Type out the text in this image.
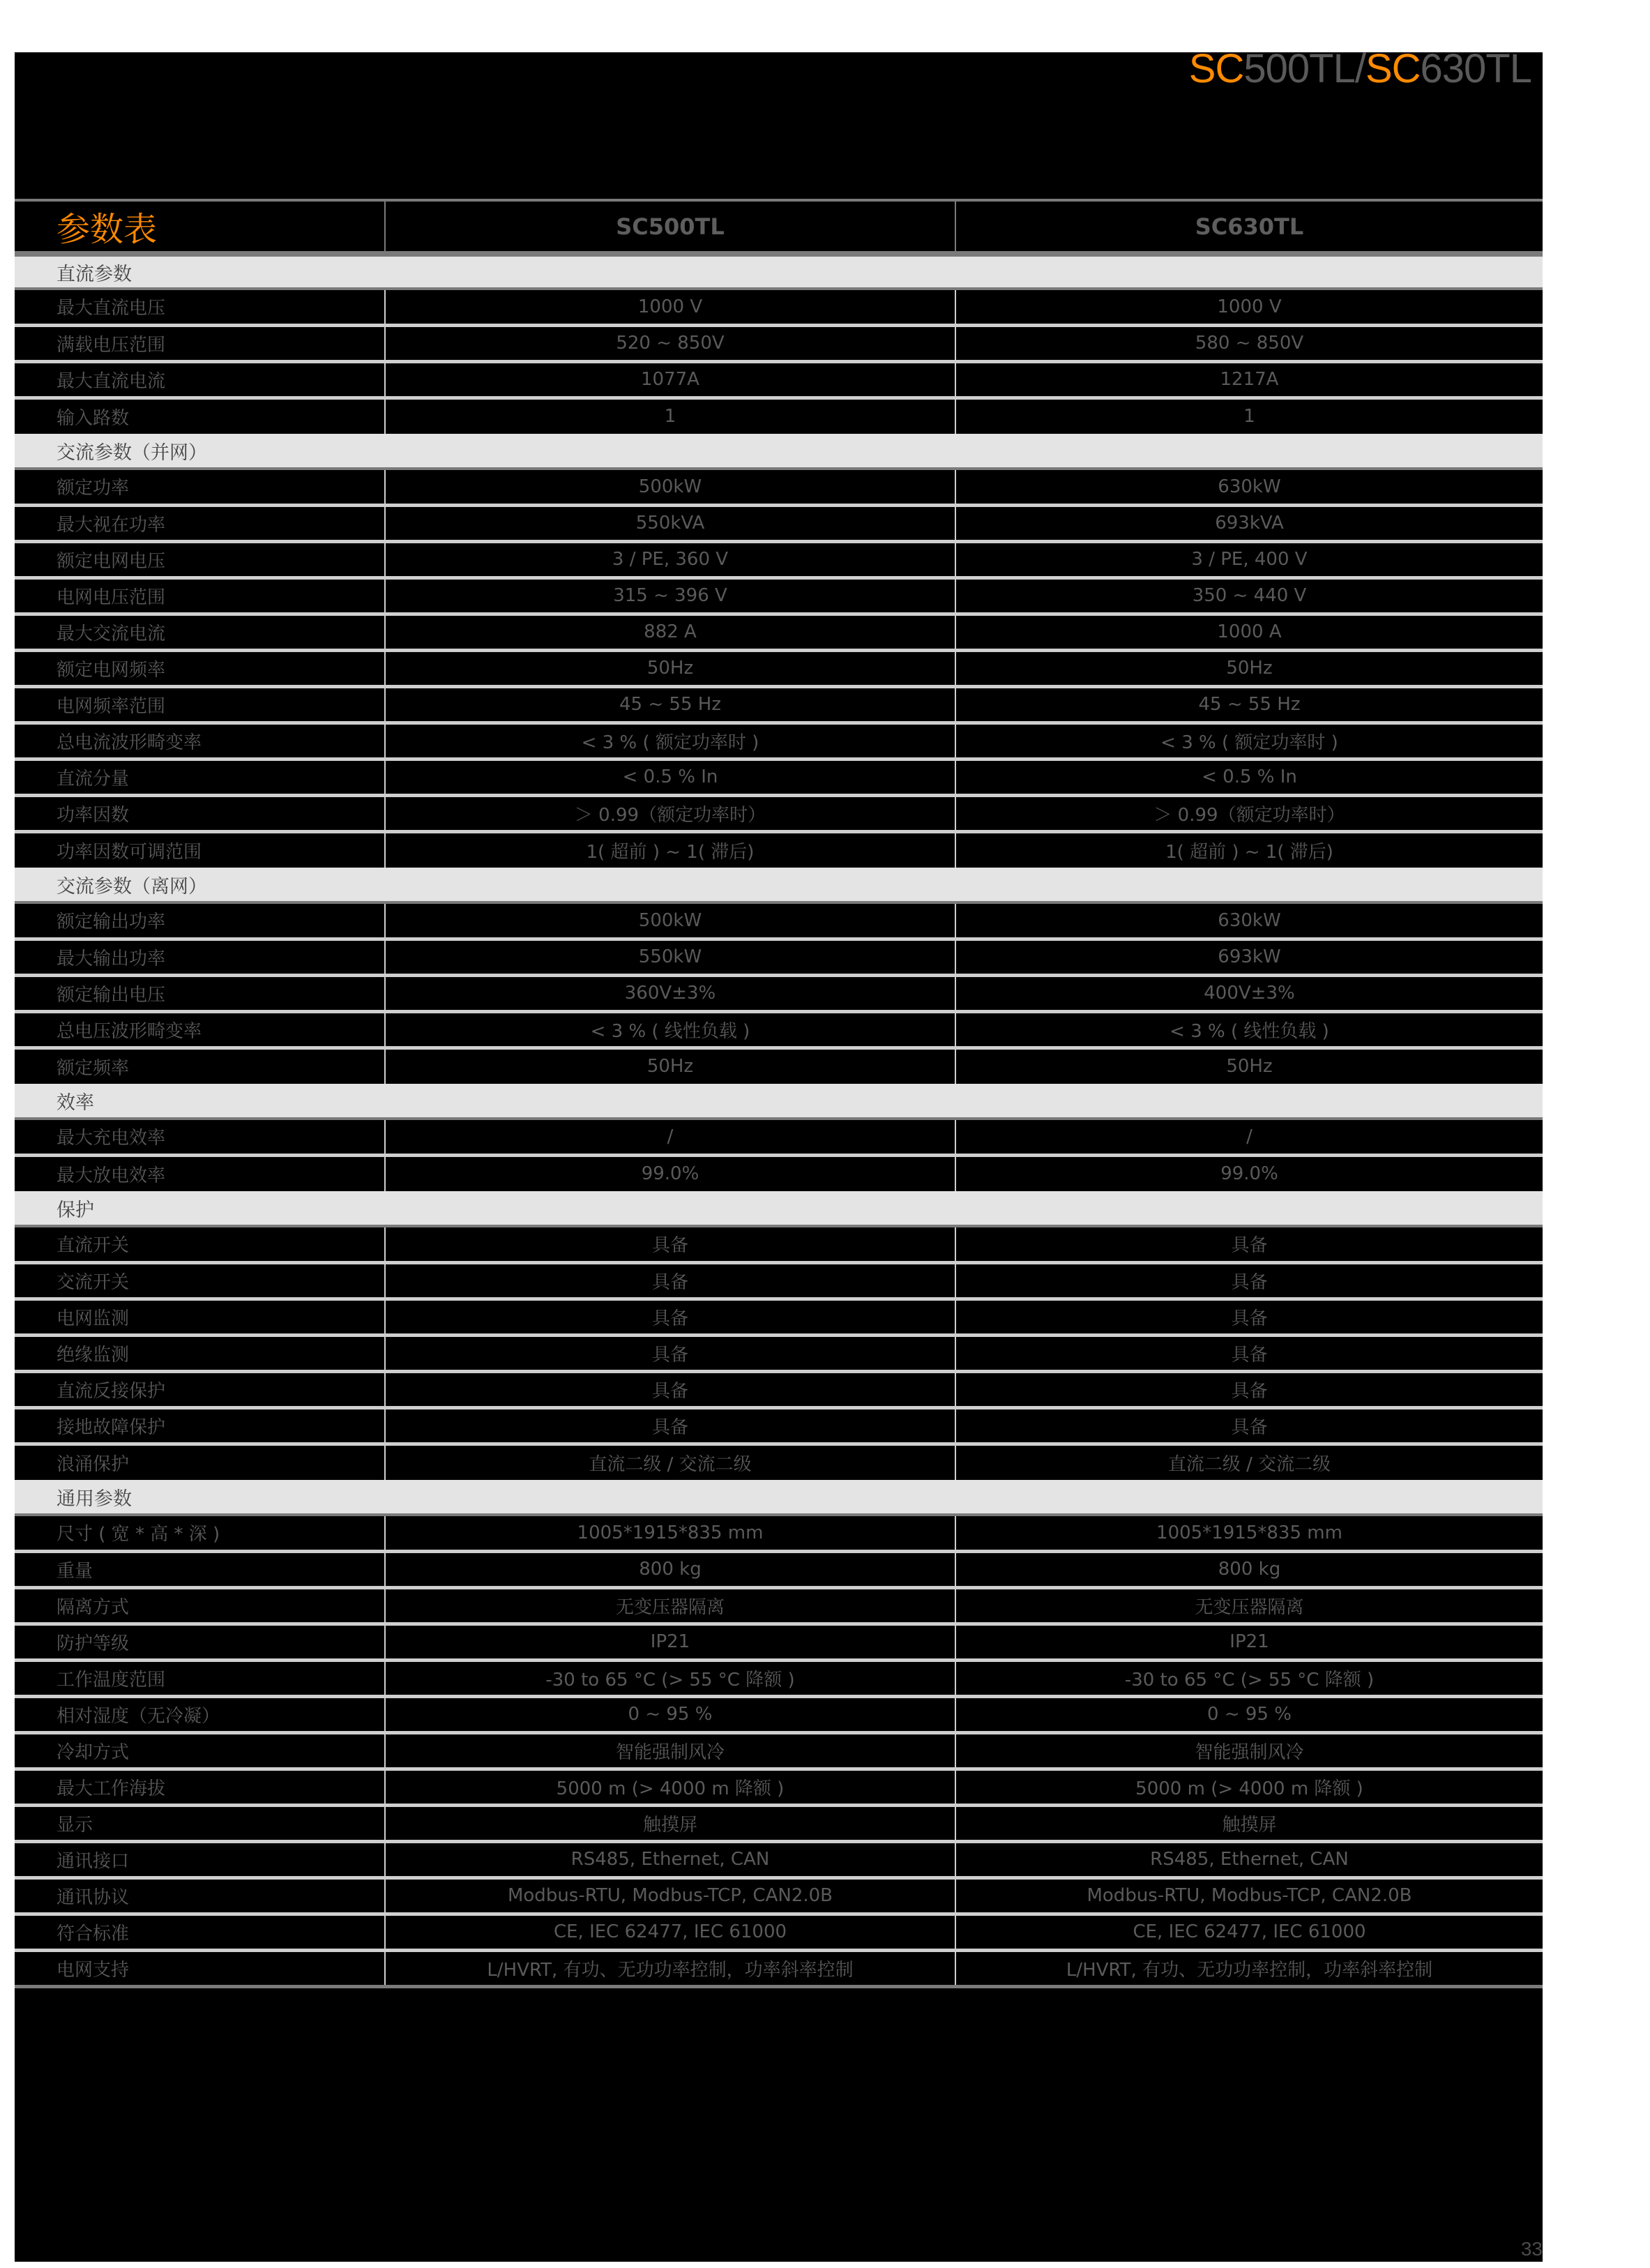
SC500TL/SC630TL
参数表	SC500TL	SC630TL
直流参数		
最大直流电压	1000 V	1000 V
满载电压范围	520 ~ 850V	580 ~ 850V
最大直流电流	1077A	1217A
输入路数	1	1
交流参数（并网）		
额定功率	500kW	630kW
最大视在功率	550kVA	693kVA
额定电网电压	3 / PE, 360 V	3 / PE, 400 V
电网电压范围	315 ~ 396 V	350 ~ 440 V
最大交流电流	882 A	1000 A
额定电网频率	50Hz	50Hz
电网频率范围	45 ~ 55 Hz	45 ~ 55 Hz
总电流波形畸变率	< 3 % ( 额定功率时 )	< 3 % ( 额定功率时 )
直流分量	< 0.5 % In	< 0.5 % In
功率因数	＞ 0.99（额定功率时）	＞ 0.99（额定功率时）
功率因数可调范围	1( 超前 ) ~ 1( 滞后)	1( 超前 ) ~ 1( 滞后)
交流参数（离网）		
额定输出功率	500kW	630kW
最大输出功率	550kW	693kW
额定输出电压	360V±3%	400V±3%
总电压波形畸变率	< 3 % ( 线性负载 )	< 3 % ( 线性负载 )
额定频率	50Hz	50Hz
效率		
最大充电效率	/	/
最大放电效率	99.0%	99.0%
保护		
直流开关	具备	具备
交流开关	具备	具备
电网监测	具备	具备
绝缘监测	具备	具备
直流反接保护	具备	具备
接地故障保护	具备	具备
浪涌保护	直流二级 / 交流二级	直流二级 / 交流二级
通用参数		
尺寸 ( 宽 * 高 * 深 )	1005*1915*835 mm	1005*1915*835 mm
重量	800 kg	800 kg
隔离方式	无变压器隔离	无变压器隔离
防护等级	IP21	IP21
工作温度范围	-30 to 65 °C (> 55 °C 降额 )	-30 to 65 °C (> 55 °C 降额 )
相对湿度（无冷凝）	0 ~ 95 %	0 ~ 95 %
冷却方式	智能强制风冷	智能强制风冷
最大工作海拔	5000 m (> 4000 m 降额 )	5000 m (> 4000 m 降额 )
显示	触摸屏	触摸屏
通讯接口	RS485, Ethernet, CAN	RS485, Ethernet, CAN
通讯协议	Modbus-RTU, Modbus-TCP, CAN2.0B	Modbus-RTU, Modbus-TCP, CAN2.0B
符合标准	CE, IEC 62477, IEC 61000	CE, IEC 62477, IEC 61000
电网支持	L/HVRT, 有功、无功功率控制，功率斜率控制	L/HVRT, 有功、无功功率控制，功率斜率控制
33
